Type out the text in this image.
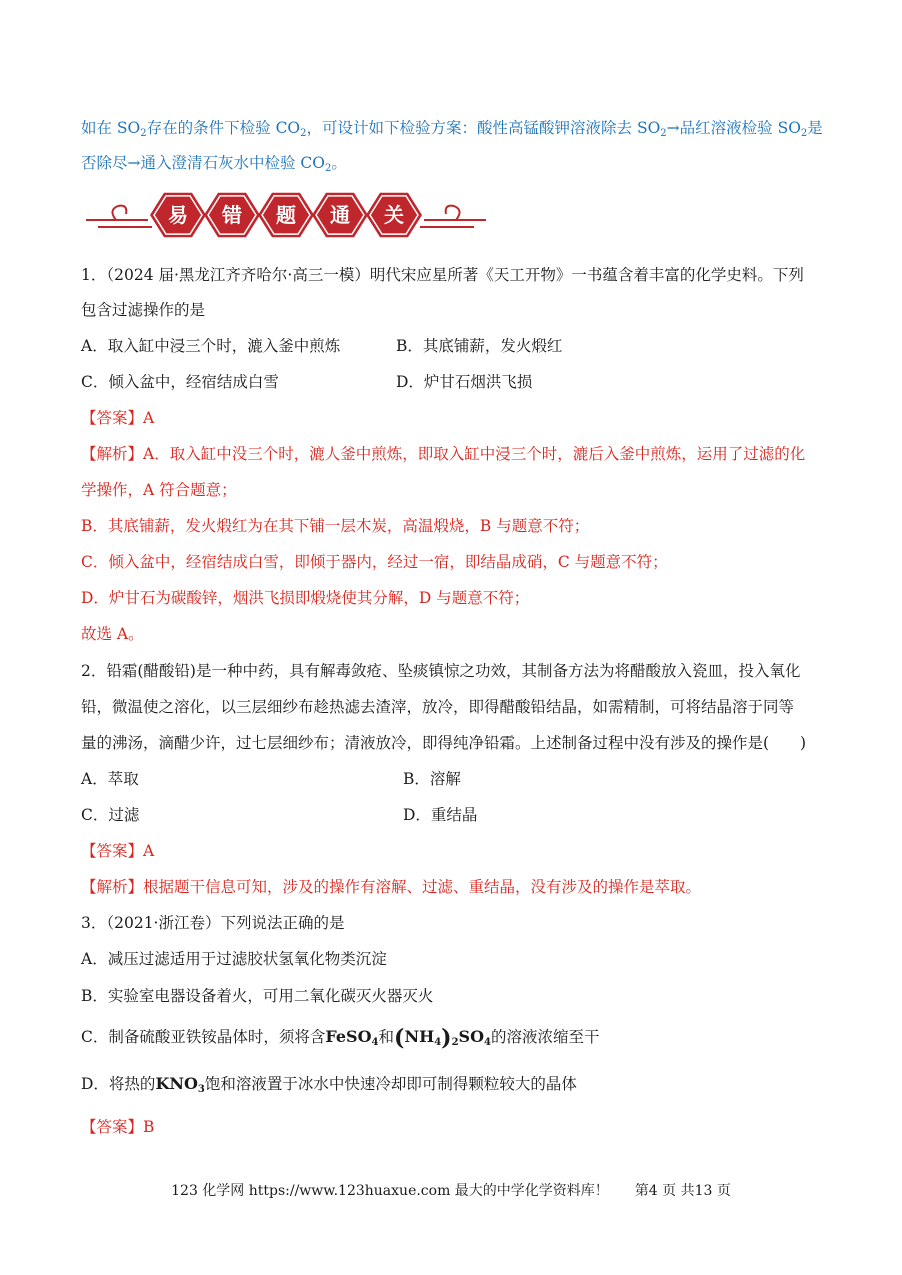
如在 $SO_2$存在的条件下检验 $CO_2$，可设计如下检验方案：酸性高锰酸钾溶液除去 $SO_2\to$品红溶液检验 $SO_2$是
否除尽→通入澄清石灰水中检验 $CO_2$。
易 错 题 通 关
1．（2024 届·黑龙江齐齐哈尔·高三一模）明代宋应星所著《天工开物》一书蕴含着丰富的化学史料。下列
包含过滤操作的是
A．取入缸中浸三个时，漉入釜中煎炼	B．其底铺薪，发火煅红
C．倾入盆中，经宿结成白雪	D．炉甘石烟洪飞损
【答案】A
【解析】A．取入缸中没三个时，漉人釜中煎炼，即取入缸中浸三个时，漉后入釜中煎炼，运用了过滤的化
学操作，A 符合题意；
B．其底铺薪，发火煅红为在其下铺一层木炭，高温煅烧，B 与题意不符；
C．倾入盆中，经宿结成白雪，即倾于器内，经过一宿，即结晶成硝，C 与题意不符；
D．炉甘石为碳酸锌，烟洪飞损即煅烧使其分解，D 与题意不符；
故选 A。
2．铅霜(醋酸铅)是一种中药，具有解毒敛疮、坠痰镇惊之功效，其制备方法为将醋酸放入瓷皿，投入氧化
铅，微温使之溶化，以三层细纱布趁热滤去渣滓，放冷，即得醋酸铅结晶，如需精制，可将结晶溶于同等
量的沸汤，滴醋少许，过七层细纱布；清液放冷，即得纯净铅霜。上述制备过程中没有涉及的操作是(　　)
A．萃取	B．溶解
C．过滤	D．重结晶
【答案】A
【解析】根据题干信息可知，涉及的操作有溶解、过滤、重结晶，没有涉及的操作是萃取。
3．（2021·浙江卷）下列说法正确的是
A．减压过滤适用于过滤胶状氢氧化物类沉淀
B．实验室电器设备着火，可用二氧化碳灭火器灭火
C．制备硫酸亚铁铵晶体时，须将含FeSO$_4$和$(NH_4)_2SO_4$的溶液浓缩至干
D．将热的$KNO_3$饱和溶液置于冰水中快速冷却即可制得颗粒较大的晶体
【答案】B
123 化学网 https://www.123huaxue.com 最大的中学化学资料库！ 第4 页 共13 页
